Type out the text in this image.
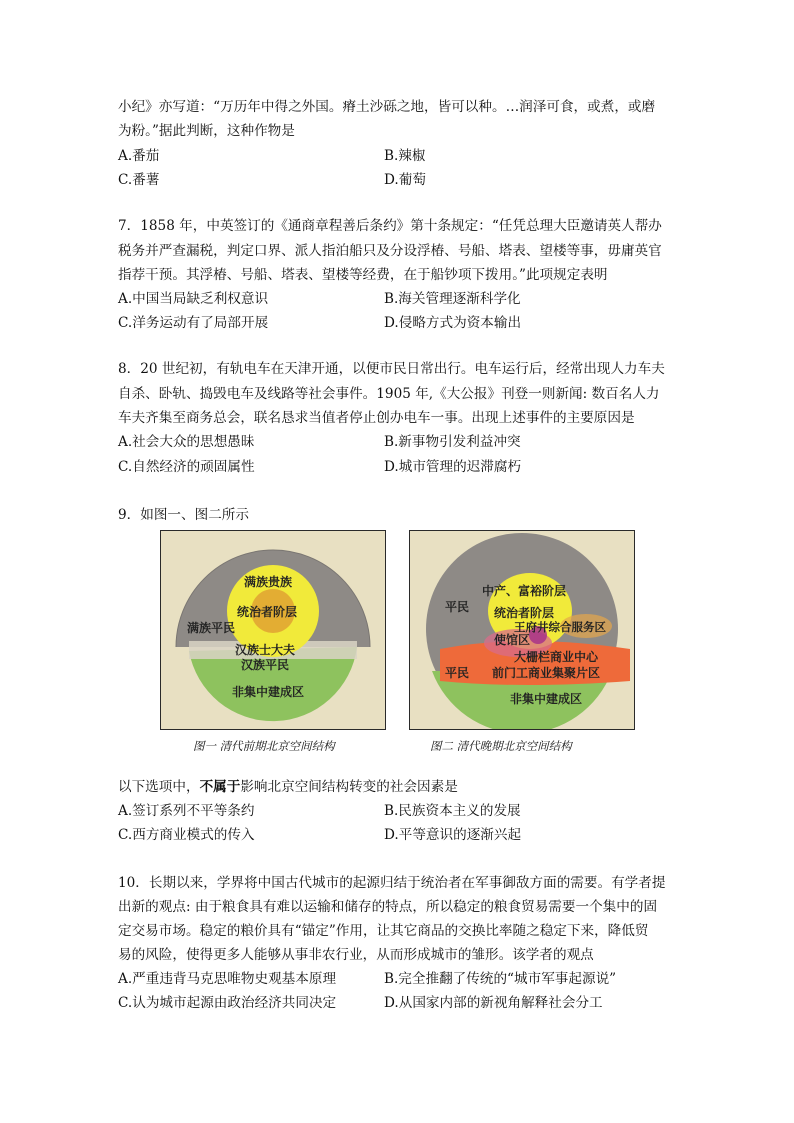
小纪》亦写道：“万历年中得之外国。瘠土沙砾之地，皆可以种。…润泽可食，或煮，或磨
为粉。”据此判断，这种作物是
A.番茄	B.辣椒
C.番薯	D.葡萄
7．1858 年，中英签订的《通商章程善后条约》第十条规定：“任凭总理大臣邀请英人帮办
税务并严查漏税，判定口界、派人指泊船只及分设浮椿、号船、塔表、望楼等事，毋庸英官
指荐干预。其浮椿、号船、塔表、望楼等经费，在于船钞项下拨用。”此项规定表明
A.中国当局缺乏利权意识	B.海关管理逐渐科学化
C.洋务运动有了局部开展	D.侵略方式为资本输出
8．20 世纪初，有轨电车在天津开通，以便市民日常出行。电车运行后，经常出现人力车夫
自杀、卧轨、捣毁电车及线路等社会事件。1905 年,《大公报》刊登一则新闻: 数百名人力
车夫齐集至商务总会，联名恳求当值者停止创办电车一事。出现上述事件的主要原因是
A.社会大众的思想愚昧	B.新事物引发利益冲突
C.自然经济的顽固属性	D.城市管理的迟滞腐朽
9．如图一、图二所示
满族贵族
统治者阶层
满族平民
汉族士大夫
汉族平民
非集中建成区
中产、富裕阶层
平民 统治者阶层
王府井综合服务区
使馆区
大栅栏商业中心
平民 前门工商业集聚片区
非集中建成区
图一 清代前期北京空间结构	图二 清代晚期北京空间结构
以下选项中，不属于影响北京空间结构转变的社会因素是
A.签订系列不平等条约	B.民族资本主义的发展
C.西方商业模式的传入	D.平等意识的逐渐兴起
10．长期以来，学界将中国古代城市的起源归结于统治者在军事御敌方面的需要。有学者提
出新的观点: 由于粮食具有难以运输和储存的特点，所以稳定的粮食贸易需要一个集中的固
定交易市场。稳定的粮价具有“锚定”作用，让其它商品的交换比率随之稳定下来，降低贸
易的风险，使得更多人能够从事非农行业，从而形成城市的雏形。该学者的观点
A.严重违背马克思唯物史观基本原理	B.完全推翻了传统的“城市军事起源说”
C.认为城市起源由政治经济共同决定	D.从国家内部的新视角解释社会分工
